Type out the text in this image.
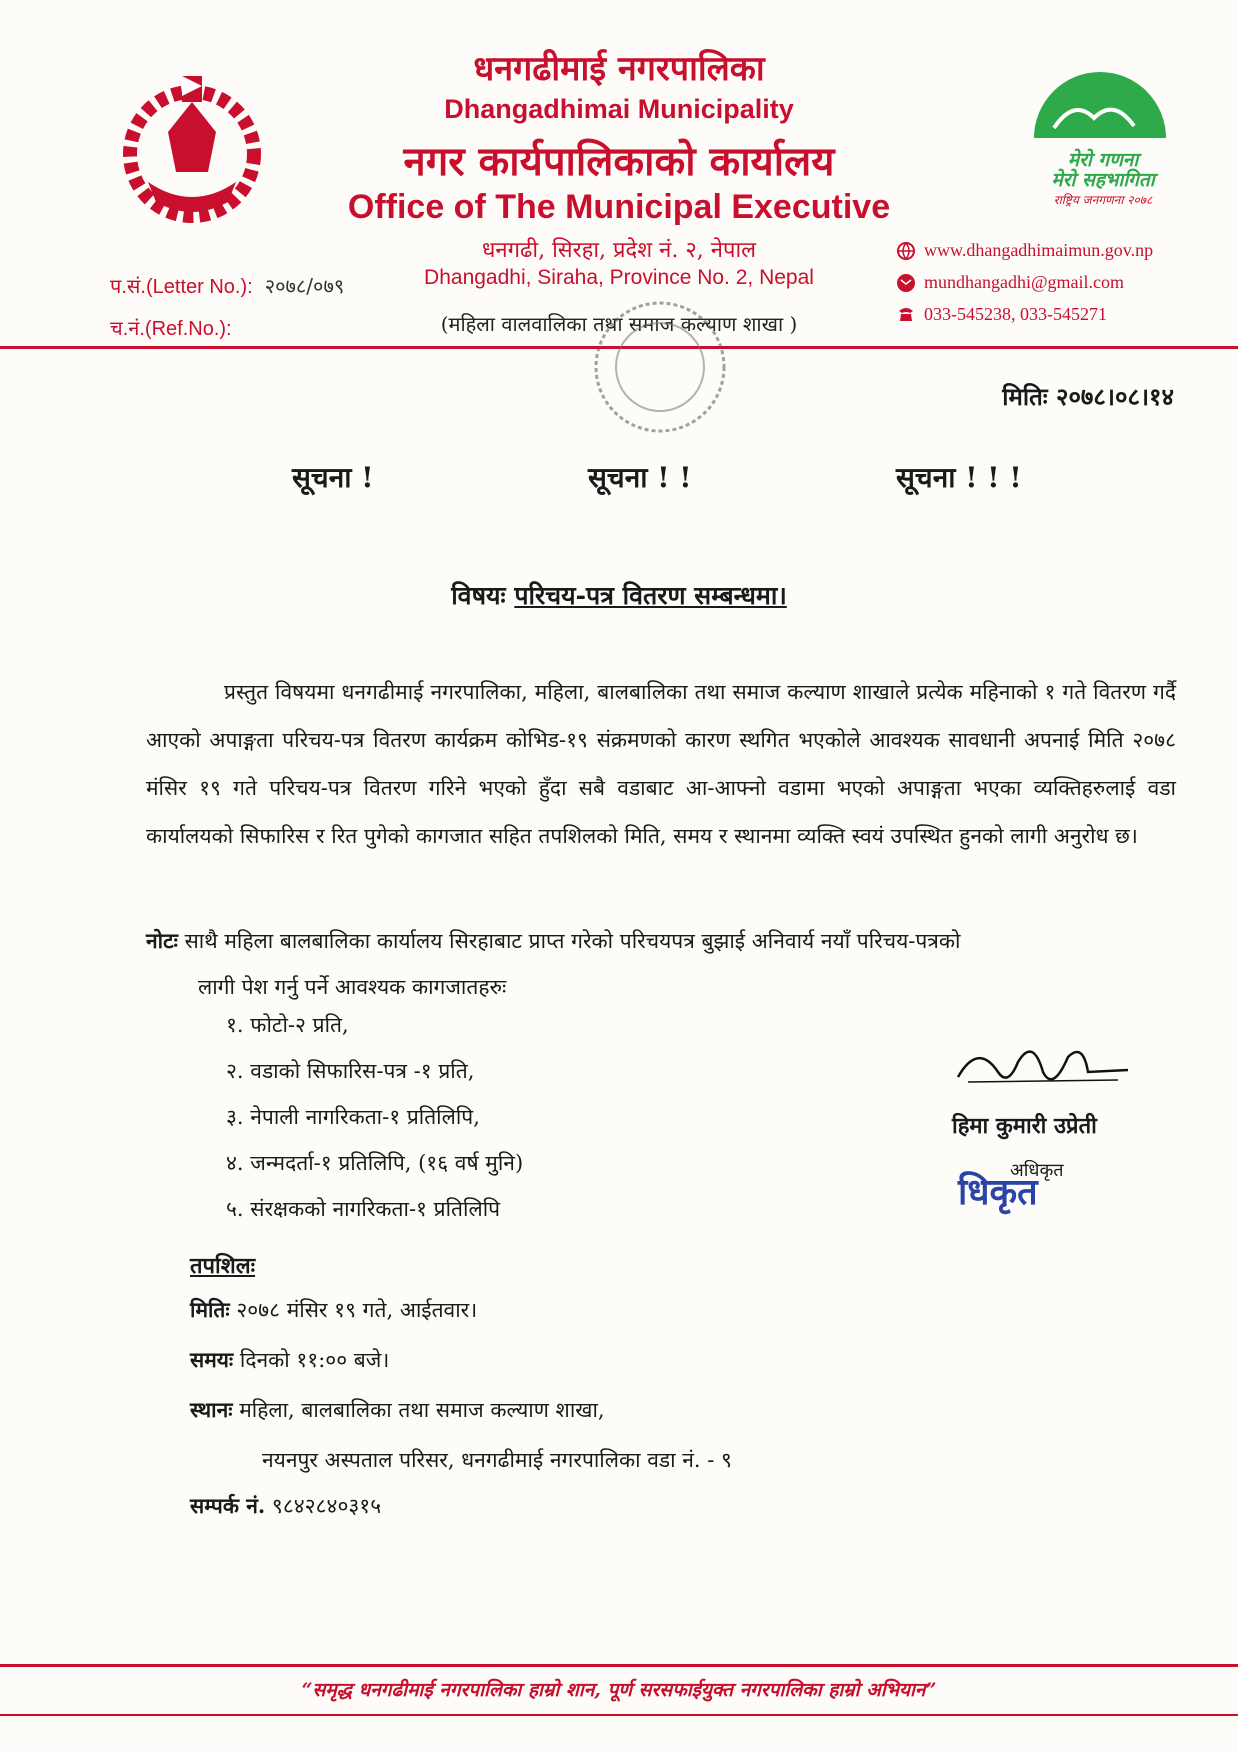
मेरो गणना
मेरो सहभागिता
राष्ट्रिय जनगणना २०७८
धनगढीमाई नगरपालिका
Dhangadhimai Municipality
नगर कार्यपालिकाको कार्यालय
Office of The Municipal Executive
धनगढी, सिरहा, प्रदेश नं. २, नेपाल
Dhangadhi, Siraha, Province No. 2, Nepal
(महिला वालवालिका तथा समाज कल्याण शाखा )
प.सं.(Letter No.): २०७८/०७९
च.नं.(Ref.No.):
www.dhangadhimaimun.gov.np
mundhangadhi@gmail.com
033-545238, 033-545271
मितिः २०७८।०८।१४
सूचना !	सूचना ! !	सूचना ! ! !
विषयः परिचय-पत्र वितरण सम्बन्धमा।
प्रस्तुत विषयमा धनगढीमाई नगरपालिका, महिला, बालबालिका तथा समाज कल्याण शाखाले प्रत्येक महिनाको १ गते वितरण गर्दै आएको अपाङ्गता परिचय-पत्र वितरण कार्यक्रम कोभिड-१९ संक्रमणको कारण स्थगित भएकोले आवश्यक सावधानी अपनाई मिति २०७८ मंसिर १९ गते परिचय-पत्र वितरण गरिने भएको हुँदा सबै वडाबाट आ-आफ्नो वडामा भएको अपाङ्गता भएका व्यक्तिहरुलाई वडा कार्यालयको सिफारिस र रित पुगेको कागजात सहित तपशिलको मिति, समय र स्थानमा व्यक्ति स्वयं उपस्थित हुनको लागी अनुरोध छ।
नोटः साथै महिला बालबालिका कार्यालय सिरहाबाट प्राप्त गरेको परिचयपत्र बुझाई अनिवार्य नयाँ परिचय-पत्रको
लागी पेश गर्नु पर्ने आवश्यक कागजातहरुः
१. फोटो-२ प्रति,
२. वडाको सिफारिस-पत्र -१ प्रति,
३. नेपाली नागरिकता-१ प्रतिलिपि,
४. जन्मदर्ता-१ प्रतिलिपि, (१६ वर्ष मुनि)
५. संरक्षकको नागरिकता-१ प्रतिलिपि
हिमा कुमारी उप्रेती
धिकृत
अधिकृत
तपशिलः
मितिः २०७८ मंसिर १९ गते, आईतवार।
समयः दिनको ११:०० बजे।
स्थानः महिला, बालबालिका तथा समाज कल्याण शाखा,
नयनपुर अस्पताल परिसर, धनगढीमाई नगरपालिका वडा नं. - ९
सम्पर्क नं. ९८४२८४०३१५
“समृद्ध धनगढीमाई नगरपालिका हाम्रो शान, पूर्ण सरसफाईयुक्त नगरपालिका हाम्रो अभियान”
